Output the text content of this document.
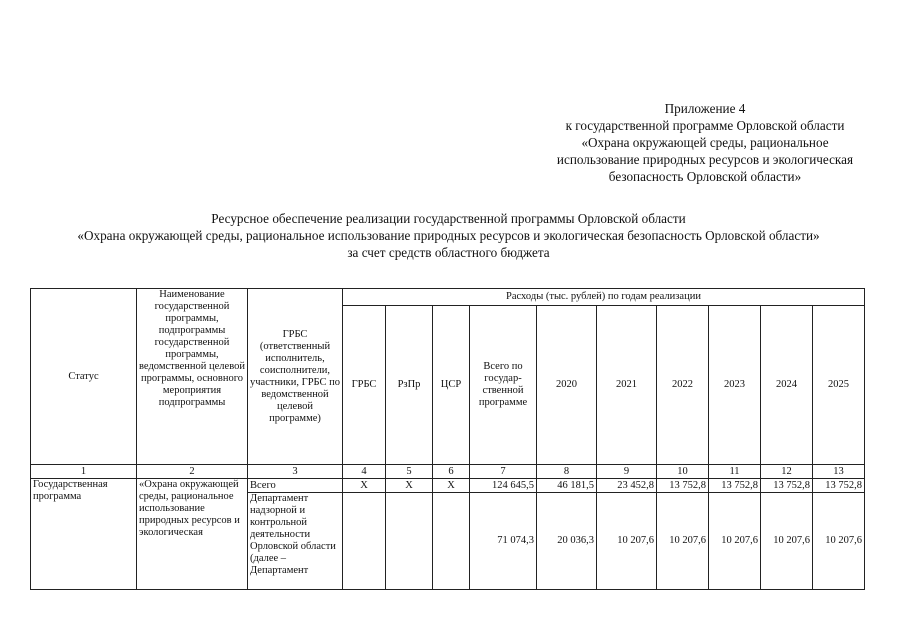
Приложение 4
к государственной программе Орловской области
«Охрана окружающей среды, рациональное
использование природных ресурсов и экологическая
безопасность Орловской области»
Ресурсное обеспечение реализации государственной программы Орловской области
«Охрана окружающей среды, рациональное использование природных ресурсов и экологическая безопасность Орловской области»
за счет средств областного бюджета
Статус	Наименование государственной программы, подпрограммы государственной программы, ведомственной целевой программы, основного мероприятия подпрограммы	ГРБС (ответственный исполнитель, соисполнители, участники, ГРБС по ведомственной целевой программе)	Расходы (тыс. рублей) по годам реализации									
			ГРБС	РзПр	ЦСР	Всего по государ-ственной программе	2020	2021	2022	2023	2024	2025
1	2	3	4	5	6	7	8	9	10	11	12	13
Государственная программа	«Охрана окружающей среды, рациональное использование природных ресурсов и экологическая	Всего	Х	Х	Х	124 645,5	46 181,5	23 452,8	13 752,8	13 752,8	13 752,8	13 752,8
		Департамент надзорной и контрольной деятельности Орловской области (далее – Департамент				71 074,3	20 036,3	10 207,6	10 207,6	10 207,6	10 207,6	10 207,6
